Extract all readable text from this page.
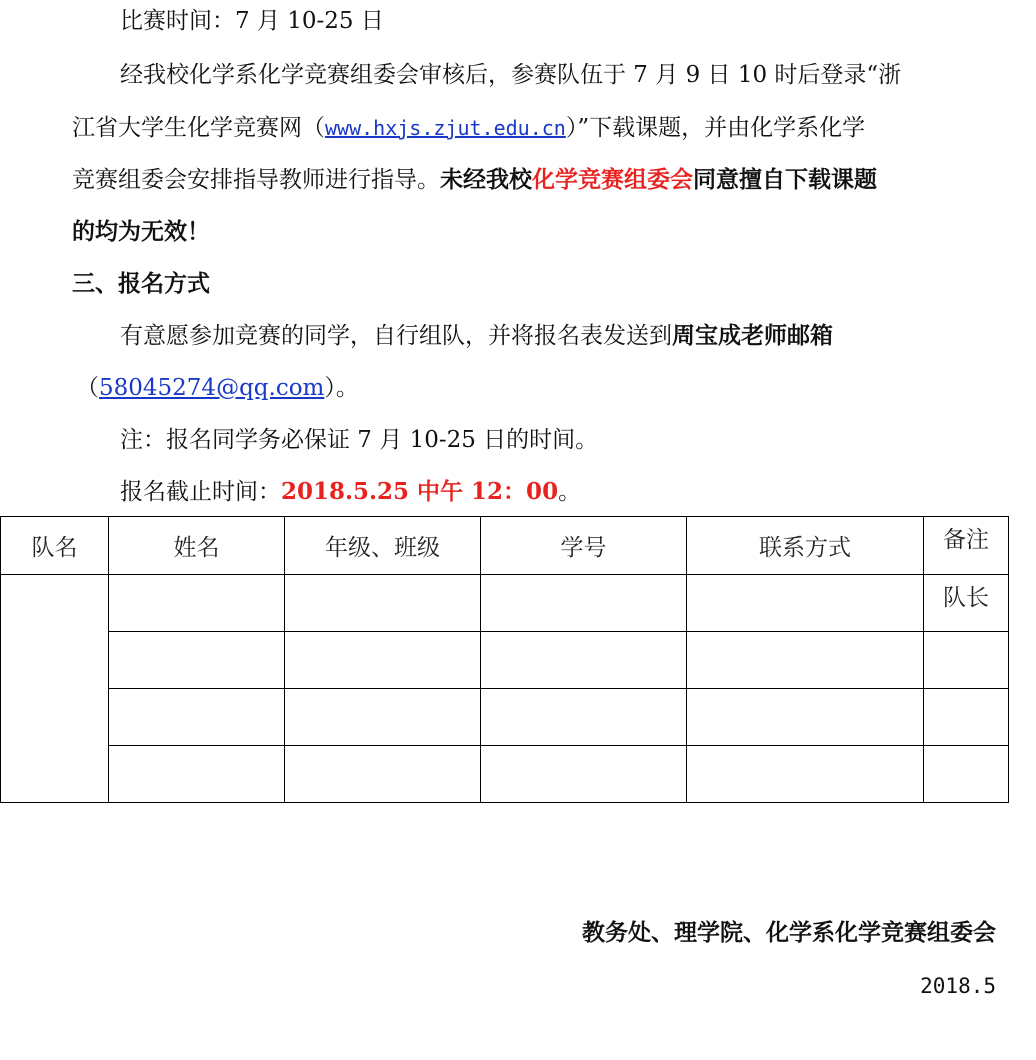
比赛时间：7 月 10-25 日
经我校化学系化学竞赛组委会审核后，参赛队伍于 7 月 9 日 10 时后登录“浙
江省大学生化学竞赛网（www.hxjs.zjut.edu.cn）”下载课题，并由化学系化学
竞赛组委会安排指导教师进行指导。未经我校化学竞赛组委会同意擅自下载课题
的均为无效！
三、报名方式
有意愿参加竞赛的同学，自行组队，并将报名表发送到周宝成老师邮箱
（58045274@qq.com）。
注：报名同学务必保证 7 月 10-25 日的时间。
报名截止时间：2018.5.25 中午 12：00。
队名	姓名	年级、班级	学号	联系方式	备注
					队长

教务处、理学院、化学系化学竞赛组委会
2018.5
